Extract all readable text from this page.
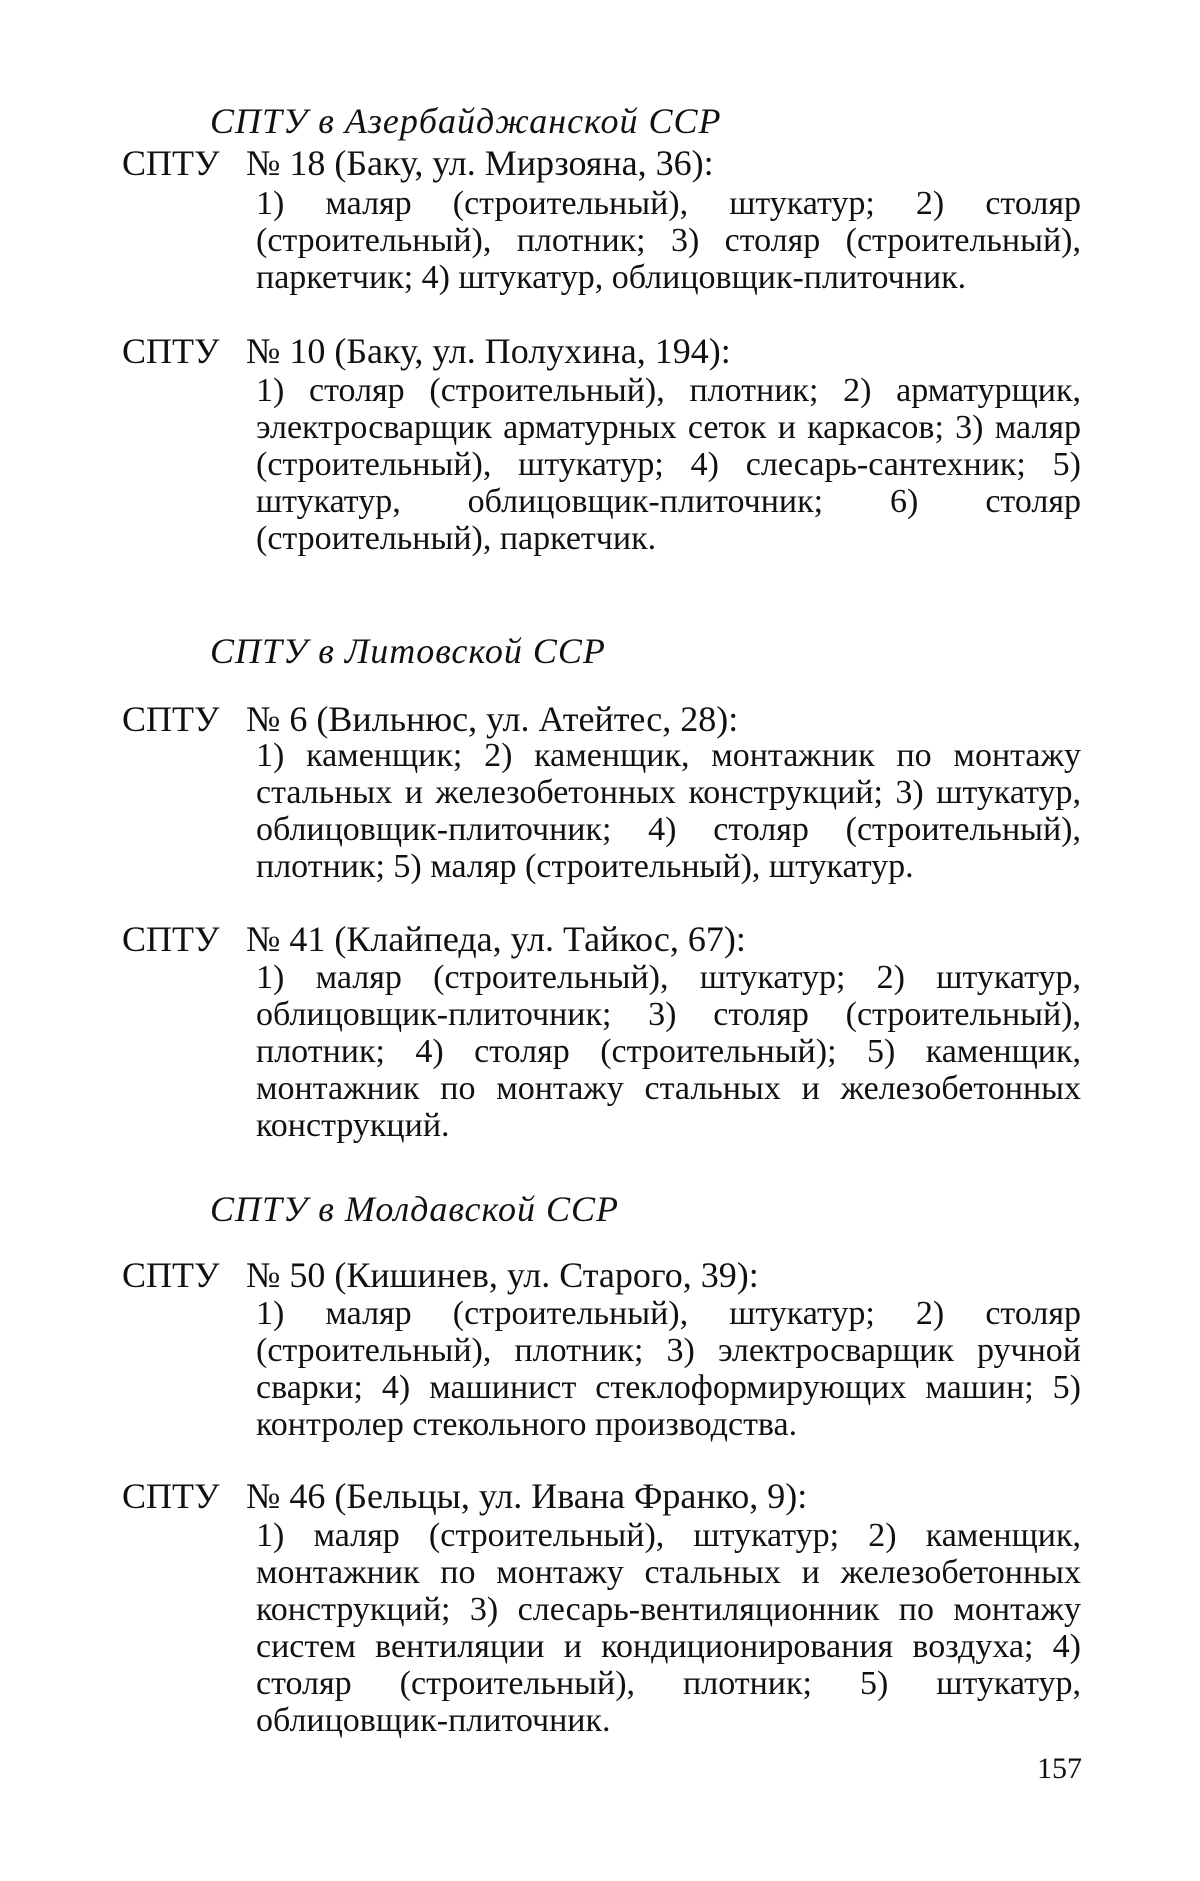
СПТУ в Азербайджанской ССР
СПТУ № 18 (Баку, ул. Мирзояна, 36):
1) маляр (строительный), штукатур; 2) столяр (строительный), плотник; 3) столяр (строительный), паркетчик; 4) штукатур, облицовщик-плиточник.
СПТУ № 10 (Баку, ул. Полухина, 194):
1) столяр (строительный), плотник; 2) арматурщик, электросварщик арматурных сеток и каркасов; 3) маляр (строительный), штукатур; 4) слесарь-сантехник; 5) штукатур, облицовщик-плиточник; 6) столяр (строительный), паркетчик.
СПТУ в Литовской ССР
СПТУ № 6 (Вильнюс, ул. Атейтес, 28):
1) каменщик; 2) каменщик, монтажник по монтажу стальных и железобетонных конструкций; 3) штукатур, облицовщик-плиточник; 4) столяр (строительный), плотник; 5) маляр (строительный), штукатур.
СПТУ № 41 (Клайпеда, ул. Тайкос, 67):
1) маляр (строительный), штукатур; 2) штукатур, облицовщик-плиточник; 3) столяр (строительный), плотник; 4) столяр (строительный); 5) каменщик, монтажник по монтажу стальных и железобетонных конструкций.
СПТУ в Молдавской ССР
СПТУ № 50 (Кишинев, ул. Старого, 39):
1) маляр (строительный), штукатур; 2) столяр (строительный), плотник; 3) электросварщик ручной сварки; 4) машинист стеклоформирующих машин; 5) контролер стекольного производства.
СПТУ № 46 (Бельцы, ул. Ивана Франко, 9):
1) маляр (строительный), штукатур; 2) каменщик, монтажник по монтажу стальных и железобетонных конструкций; 3) слесарь-вентиляционник по монтажу систем вентиляции и кондиционирования воздуха; 4) столяр (строительный), плотник; 5) штукатур, облицовщик-плиточник.
157
